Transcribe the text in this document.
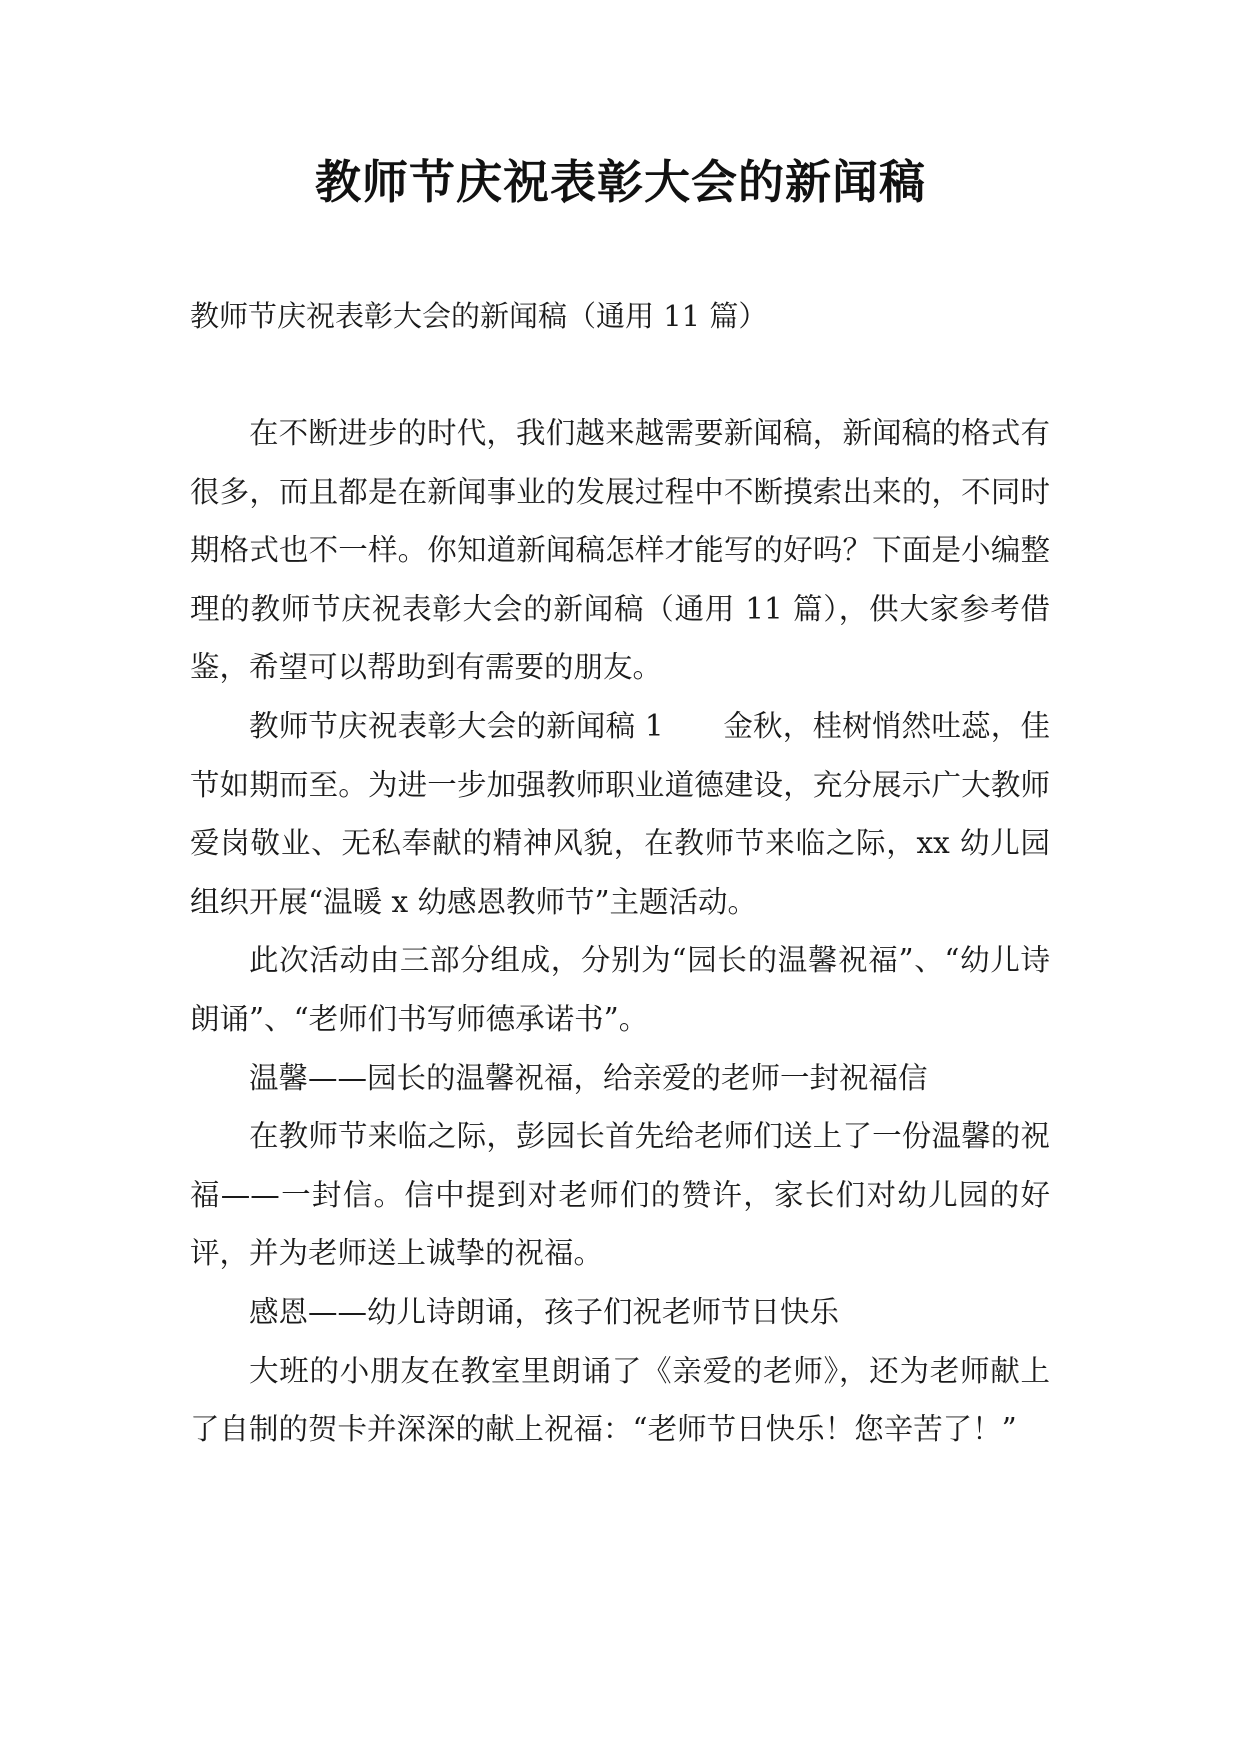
教师节庆祝表彰大会的新闻稿
教师节庆祝表彰大会的新闻稿（通用 11 篇）

在不断进步的时代，我们越来越需要新闻稿，新闻稿的格式有很多，而且都是在新闻事业的发展过程中不断摸索出来的，不同时期格式也不一样。你知道新闻稿怎样才能写的好吗？下面是小编整理的教师节庆祝表彰大会的新闻稿（通用 11 篇），供大家参考借鉴，希望可以帮助到有需要的朋友。

教师节庆祝表彰大会的新闻稿 1　　金秋，桂树悄然吐蕊，佳节如期而至。为进一步加强教师职业道德建设，充分展示广大教师爱岗敬业、无私奉献的精神风貌，在教师节来临之际，xx 幼儿园组织开展“温暖 x 幼感恩教师节”主题活动。

此次活动由三部分组成，分别为“园长的温馨祝福”、“幼儿诗朗诵”、“老师们书写师德承诺书”。

温馨——园长的温馨祝福，给亲爱的老师一封祝福信

在教师节来临之际，彭园长首先给老师们送上了一份温馨的祝福——一封信。信中提到对老师们的赞许，家长们对幼儿园的好评，并为老师送上诚挚的祝福。

感恩——幼儿诗朗诵，孩子们祝老师节日快乐

大班的小朋友在教室里朗诵了《亲爱的老师》，还为老师献上了自制的贺卡并深深的献上祝福：“老师节日快乐！您辛苦了！”
